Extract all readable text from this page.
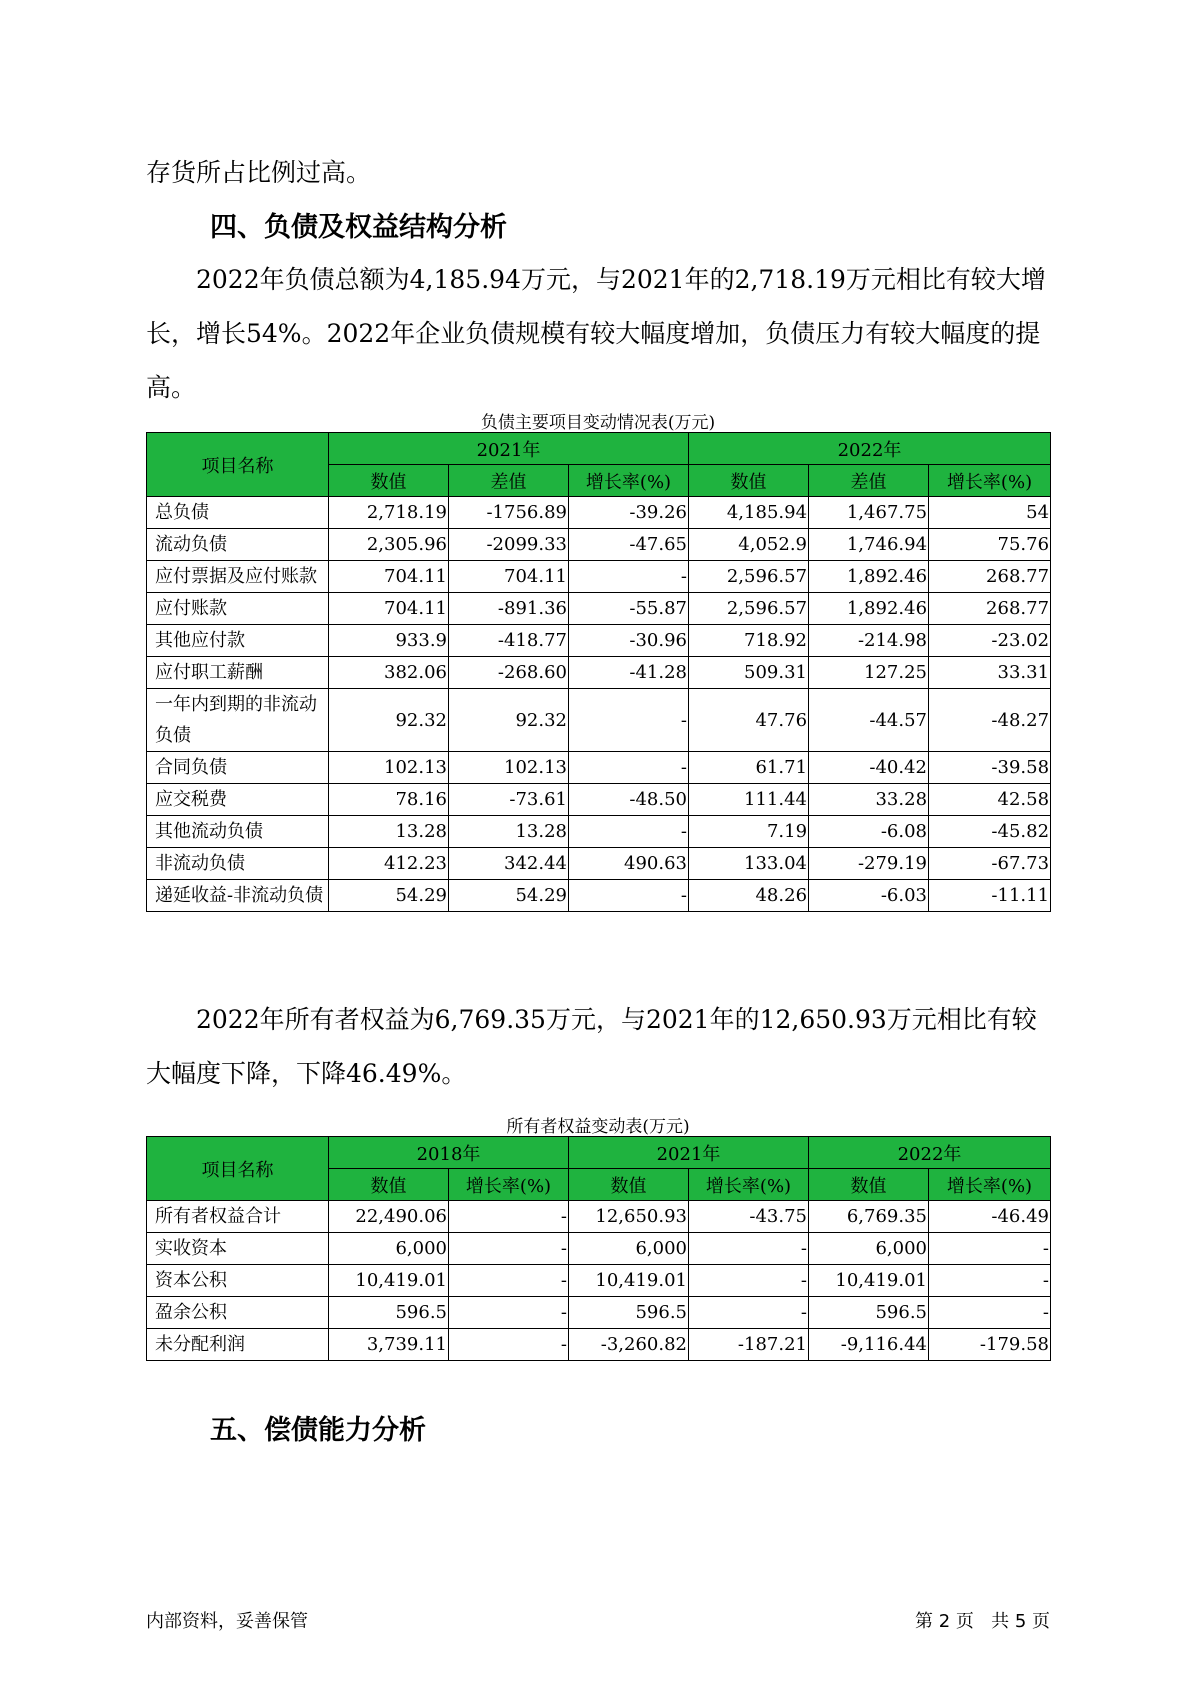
存货所占比例过高。

四、负债及权益结构分析

2022年负债总额为4,185.94万元，与2021年的2,718.19万元相比有较大增长，增长54%。2022年企业负债规模有较大幅度增加，负债压力有较大幅度的提高。

负债主要项目变动情况表(万元)
项目名称	2021年			2022年		
	数值	差值	增长率(%)	数值	差值	增长率(%)
总负债	2,718.19	-1756.89	-39.26	4,185.94	1,467.75	54
流动负债	2,305.96	-2099.33	-47.65	4,052.9	1,746.94	75.76
应付票据及应付账款	704.11	704.11	-	2,596.57	1,892.46	268.77
应付账款	704.11	-891.36	-55.87	2,596.57	1,892.46	268.77
其他应付款	933.9	-418.77	-30.96	718.92	-214.98	-23.02
应付职工薪酬	382.06	-268.60	-41.28	509.31	127.25	33.31
一年内到期的非流动负债	92.32	92.32	-	47.76	-44.57	-48.27
合同负债	102.13	102.13	-	61.71	-40.42	-39.58
应交税费	78.16	-73.61	-48.50	111.44	33.28	42.58
其他流动负债	13.28	13.28	-	7.19	-6.08	-45.82
非流动负债	412.23	342.44	490.63	133.04	-279.19	-67.73
递延收益-非流动负债	54.29	54.29	-	48.26	-6.03	-11.11

2022年所有者权益为6,769.35万元，与2021年的12,650.93万元相比有较大幅度下降，下降46.49%。

所有者权益变动表(万元)
项目名称	2018年		2021年		2022年	
	数值	增长率(%)	数值	增长率(%)	数值	增长率(%)
所有者权益合计	22,490.06	-	12,650.93	-43.75	6,769.35	-46.49
实收资本	6,000	-	6,000	-	6,000	-
资本公积	10,419.01	-	10,419.01	-	10,419.01	-
盈余公积	596.5	-	596.5	-	596.5	-
未分配利润	3,739.11	-	-3,260.82	-187.21	-9,116.44	-179.58
五、偿债能力分析
内部资料，妥善保管	第 2 页   共 5 页
